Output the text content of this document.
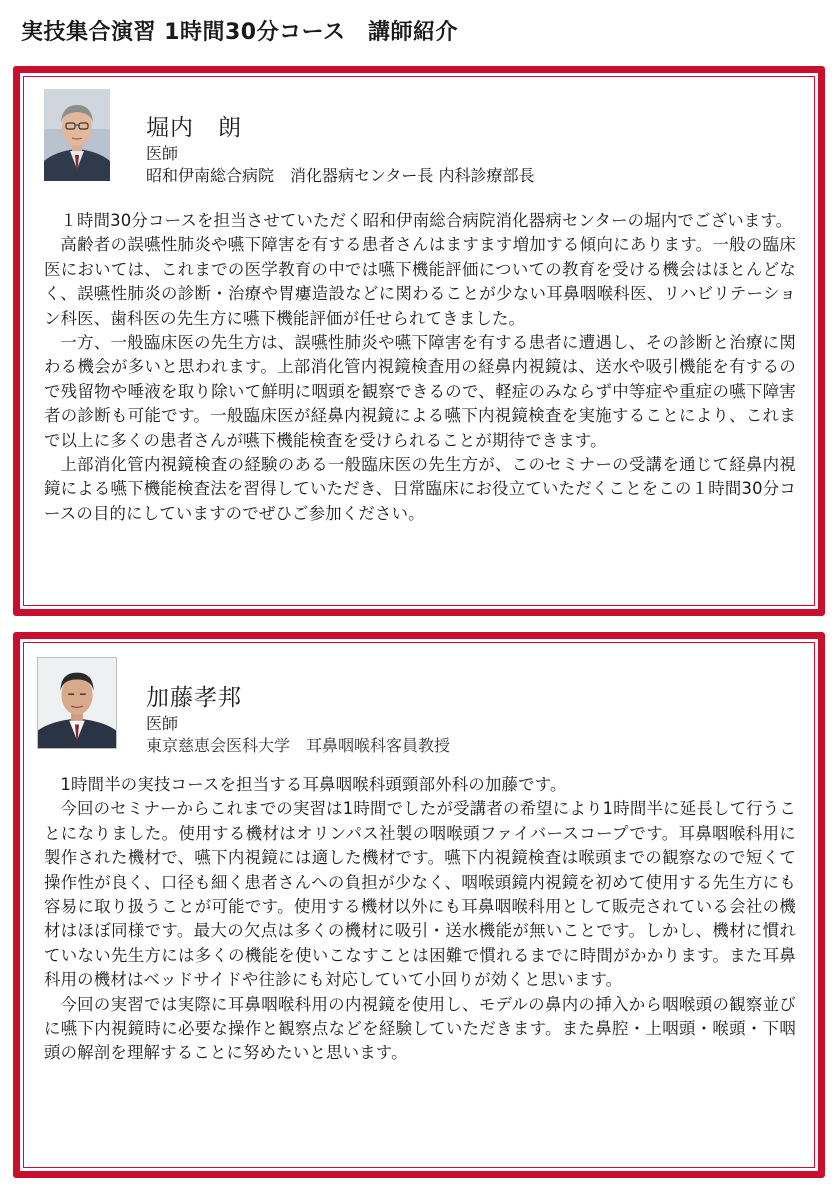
実技集合演習 1時間30分コース　講師紹介
堀内　朗
医師
昭和伊南総合病院　消化器病センター長 内科診療部長

１時間30分コースを担当させていただく昭和伊南総合病院消化器病センターの堀内でございます。

高齢者の誤嚥性肺炎や嚥下障害を有する患者さんはますます増加する傾向にあります。一般の臨床医においては、これまでの医学教育の中では嚥下機能評価についての教育を受ける機会はほとんどなく、誤嚥性肺炎の診断・治療や胃瘻造設などに関わることが少ない耳鼻咽喉科医、リハビリテーション科医、歯科医の先生方に嚥下機能評価が任せられてきました。

一方、一般臨床医の先生方は、誤嚥性肺炎や嚥下障害を有する患者に遭遇し、その診断と治療に関わる機会が多いと思われます。上部消化管内視鏡検査用の経鼻内視鏡は、送水や吸引機能を有するので残留物や唾液を取り除いて鮮明に咽頭を観察できるので、軽症のみならず中等症や重症の嚥下障害者の診断も可能です。一般臨床医が経鼻内視鏡による嚥下内視鏡検査を実施することにより、これまで以上に多くの患者さんが嚥下機能検査を受けられることが期待できます。

上部消化管内視鏡検査の経験のある一般臨床医の先生方が、このセミナーの受講を通じて経鼻内視鏡による嚥下機能検査法を習得していただき、日常臨床にお役立ていただくことをこの１時間30分コースの目的にしていますのでぜひご参加ください。

加藤孝邦
医師
東京慈恵会医科大学　耳鼻咽喉科客員教授

1時間半の実技コースを担当する耳鼻咽喉科頭頸部外科の加藤です。

今回のセミナーからこれまでの実習は1時間でしたが受講者の希望により1時間半に延長して行うことになりました。使用する機材はオリンパス社製の咽喉頭ファイバースコープです。耳鼻咽喉科用に製作された機材で、嚥下内視鏡には適した機材です。嚥下内視鏡検査は喉頭までの観察なので短くて操作性が良く、口径も細く患者さんへの負担が少なく、咽喉頭鏡内視鏡を初めて使用する先生方にも容易に取り扱うことが可能です。使用する機材以外にも耳鼻咽喉科用として販売されている会社の機材はほぼ同様です。最大の欠点は多くの機材に吸引・送水機能が無いことです。しかし、機材に慣れていない先生方には多くの機能を使いこなすことは困難で慣れるまでに時間がかかります。また耳鼻科用の機材はベッドサイドや往診にも対応していて小回りが効くと思います。

今回の実習では実際に耳鼻咽喉科用の内視鏡を使用し、モデルの鼻内の挿入から咽喉頭の観察並びに嚥下内視鏡時に必要な操作と観察点などを経験していただきます。また鼻腔・上咽頭・喉頭・下咽頭の解剖を理解することに努めたいと思います。
